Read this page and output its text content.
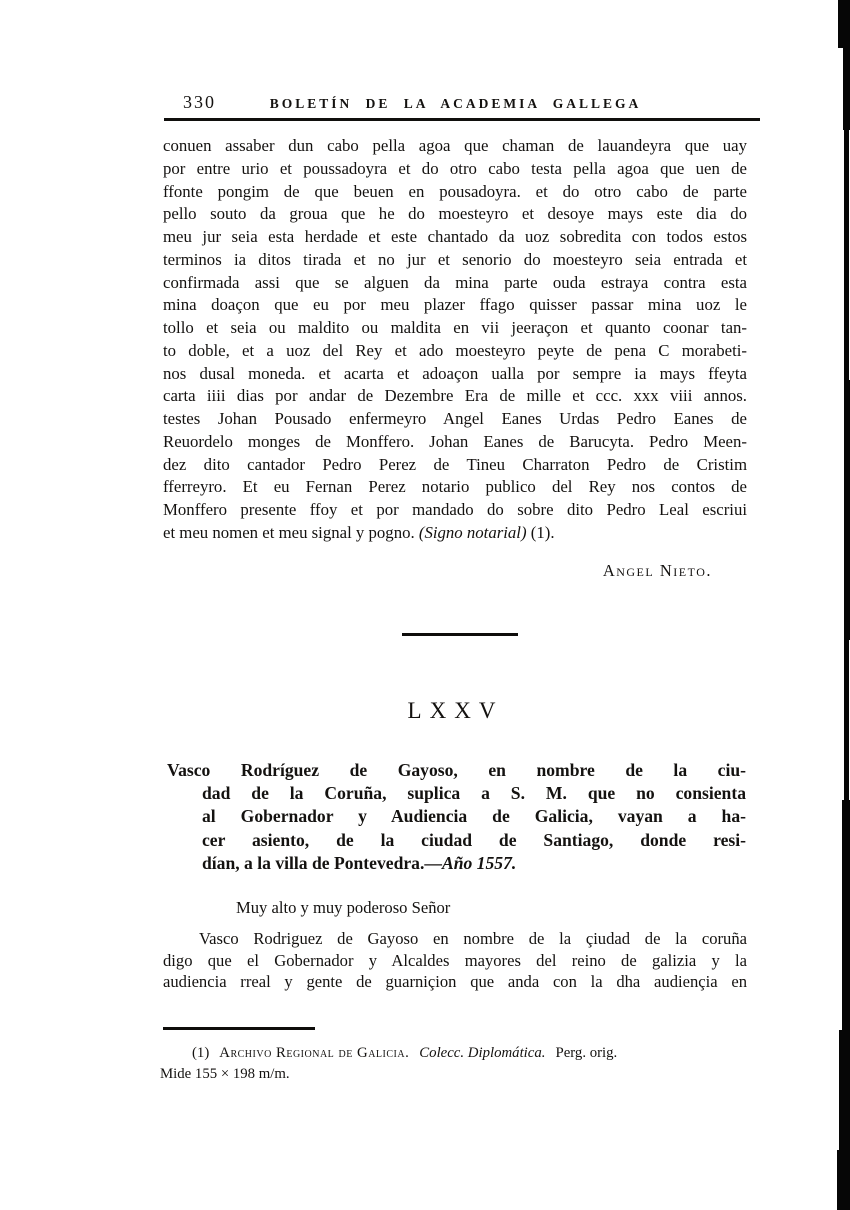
330	BOLETÍN DE LA ACADEMIA GALLEGA
conuen assaber dun cabo pella agoa que chaman de lauandeyra que uay
por entre urio et poussadoyra et do otro cabo testa pella agoa que uen de
ffonte pongim de que beuen en pousadoyra. et do otro cabo de parte
pello souto da groua que he do moesteyro et desoye mays este dia do
meu jur seia esta herdade et este chantado da uoz sobredita con todos estos
terminos ia ditos tirada et no jur et senorio do moesteyro seia entrada et
confirmada assi que se alguen da mina parte ouda estraya contra esta
mina doaçon que eu por meu plazer ffago quisser passar mina uoz le
tollo et seia ou maldito ou maldita en vii jeeraçon et quanto coonar tan-
to doble, et a uoz del Rey et ado moesteyro peyte de pena C morabeti-
nos dusal moneda. et acarta et adoaçon ualla por sempre ia mays ffeyta
carta iiii dias por andar de Dezembre Era de mille et ccc. xxx viii annos.
testes Johan Pousado enfermeyro Angel Eanes Urdas Pedro Eanes de
Reuordelo monges de Monffero. Johan Eanes de Barucyta. Pedro Meen-
dez dito cantador Pedro Perez de Tineu Charraton Pedro de Cristim
fferreyro. Et eu Fernan Perez notario publico del Rey nos contos de
Monffero presente ffoy et por mandado do sobre dito Pedro Leal escriui
et meu nomen et meu signal y pogno. (Signo notarial) (1).
Angel Nieto.
LXXV
Vasco Rodríguez de Gayoso, en nombre de la ciu-
dad de la Coruña, suplica a S. M. que no consienta
al Gobernador y Audiencia de Galicia, vayan a ha-
cer asiento, de la ciudad de Santiago, donde resi-
dían, a la villa de Pontevedra.—Año 1557.
Muy alto y muy poderoso Señor
Vasco Rodriguez de Gayoso en nombre de la çiudad de la coruña
digo que el Gobernador y Alcaldes mayores del reino de galizia y la
audiencia rreal y gente de guarniçion que anda con la dha audiençia en
(1) Archivo Regional de Galicia. Colecc. Diplomática. Perg. orig.
Mide 155 × 198 m/m.
